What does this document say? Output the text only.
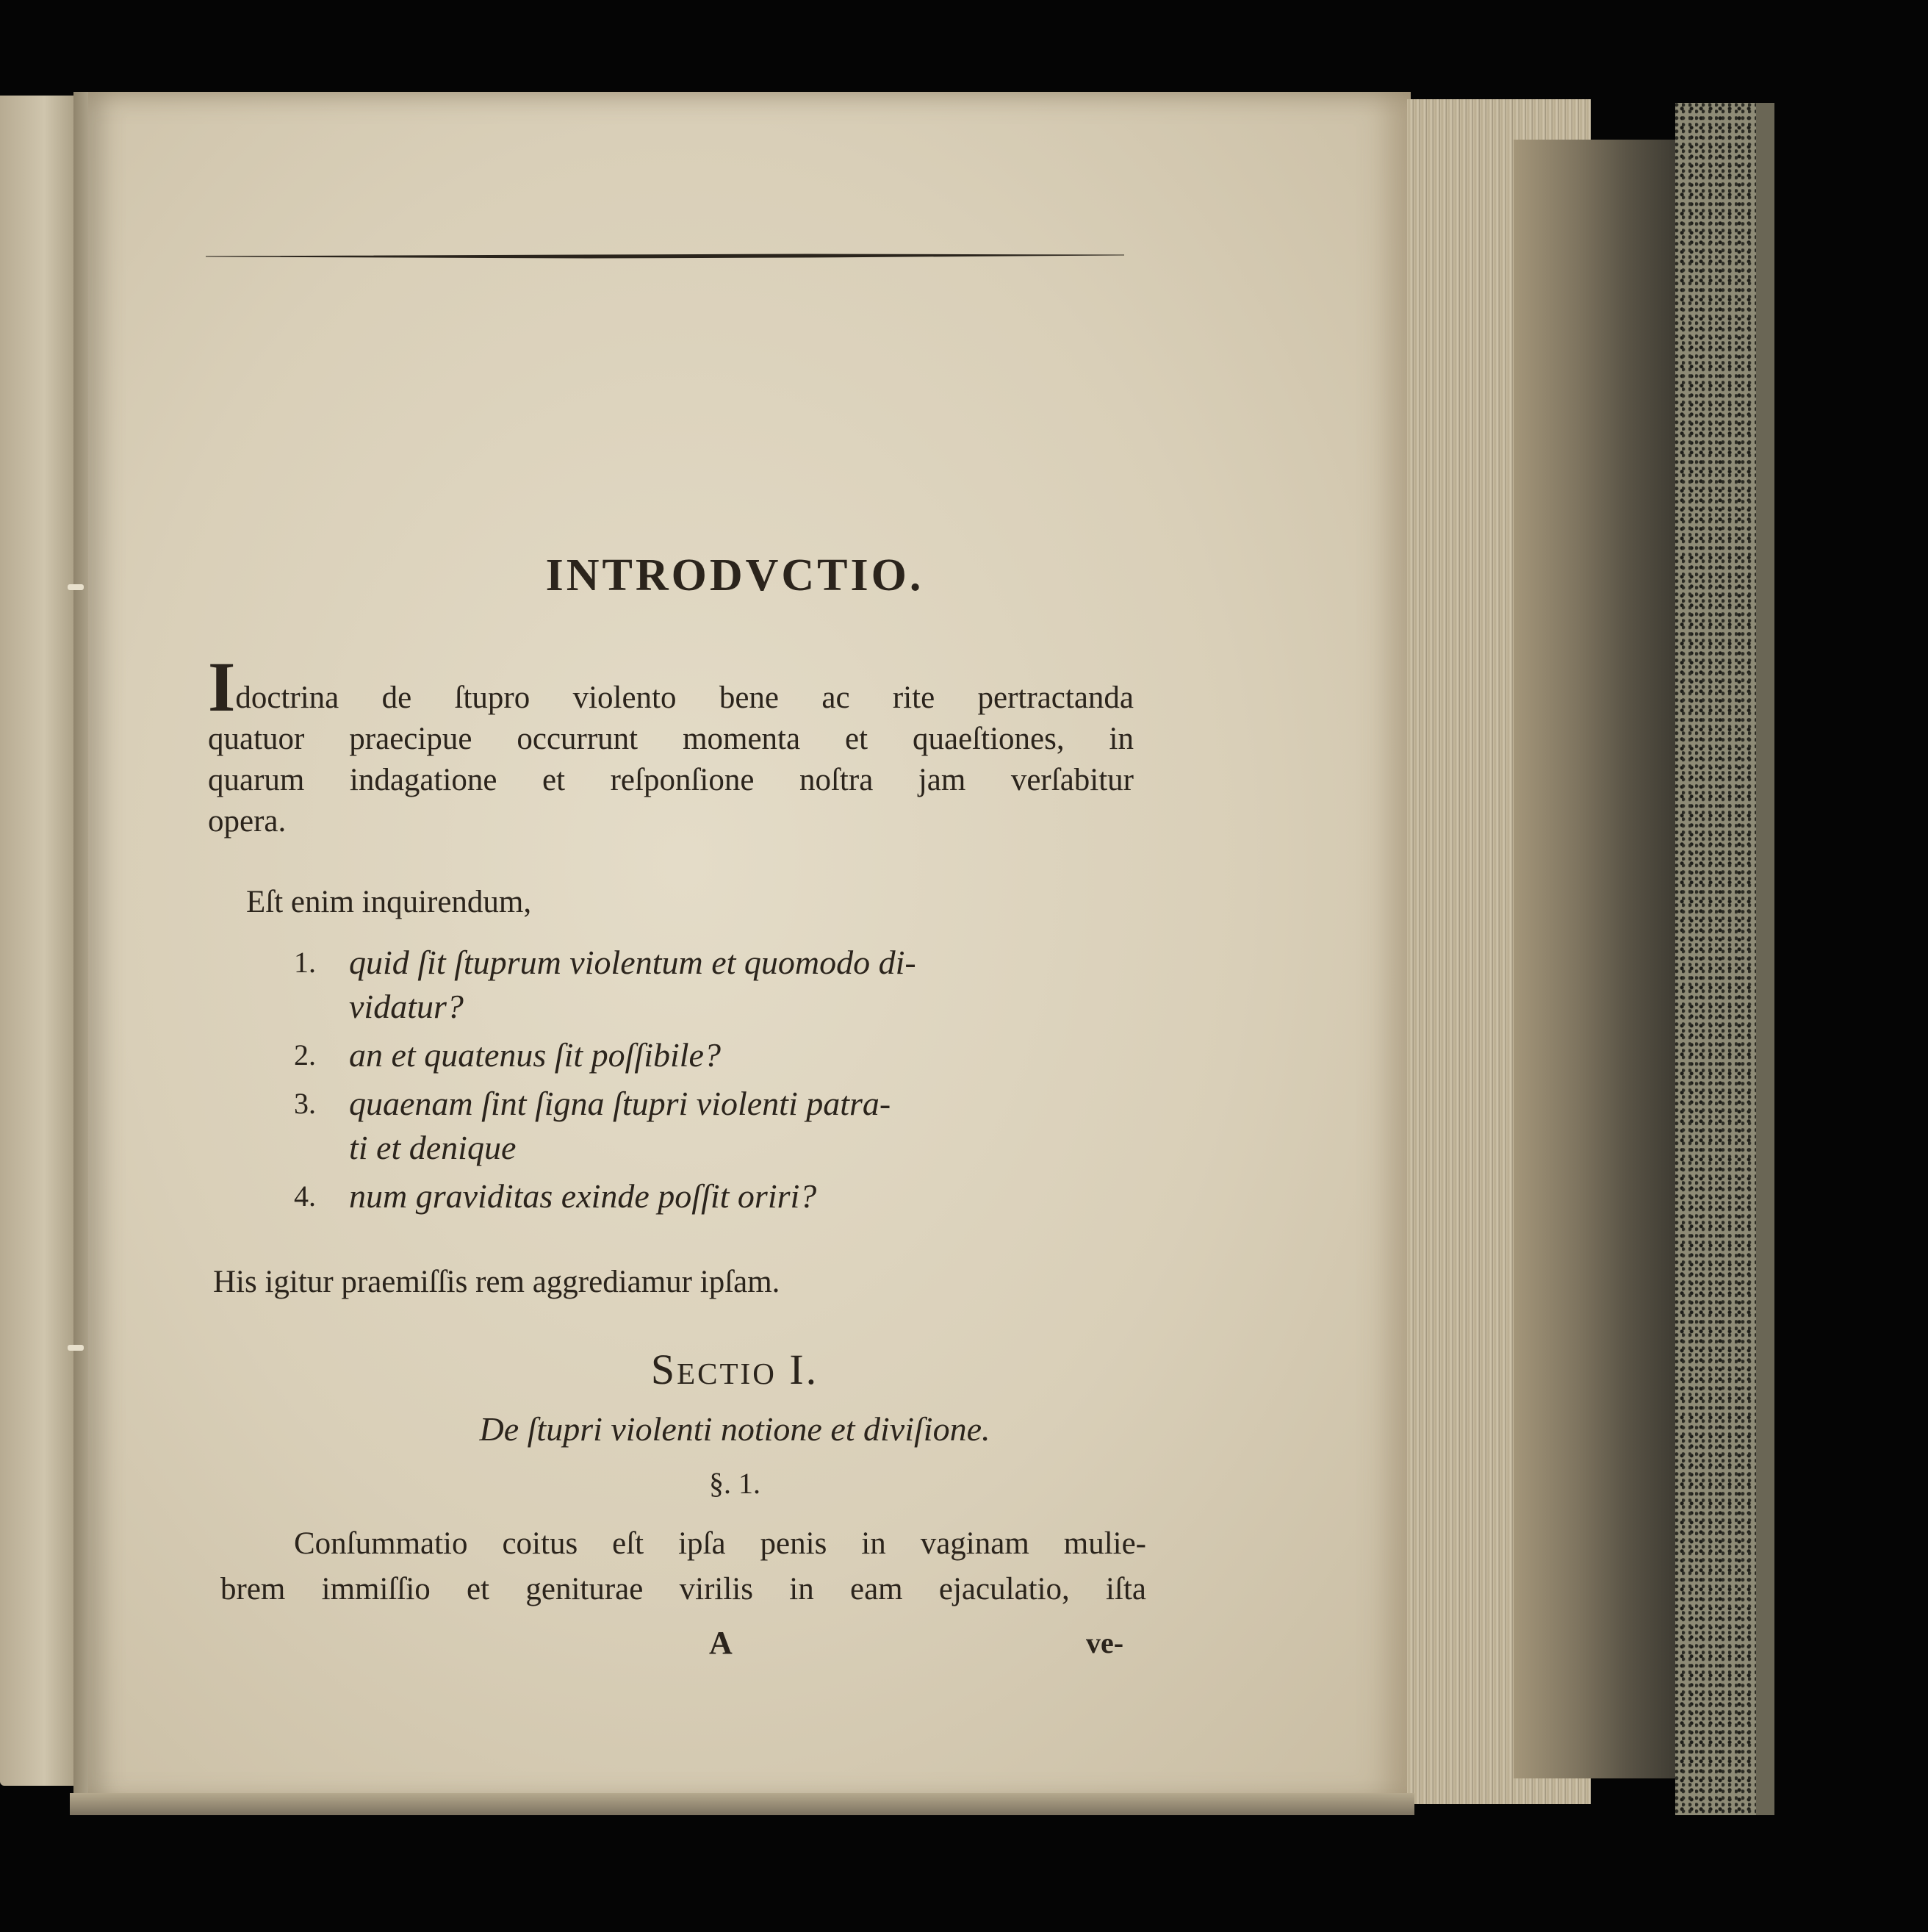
INTRODVCTIO.
Idoctrina de ſtupro violento bene ac rite pertractanda
quatuor praecipue occurrunt momenta et quaeſtiones, in
quarum indagatione et reſponſione noſtra jam verſabitur
opera.
Eſt enim inquirendum,
1. quid ſit ſtuprum violentum et quomodo di-
vidatur?
2. an et quatenus ſit poſſibile?
3. quaenam ſint ſigna ſtupri violenti patra-
ti et denique
4. num graviditas exinde poſſit oriri?
His igitur praemiſſis rem aggrediamur ipſam.
Sectio I.
De ſtupri violenti notione et diviſione.
§. 1.
Conſummatio coitus eſt ipſa penis in vaginam mulie-
brem immiſſio et geniturae virilis in eam ejaculatio, iſta
A	ve-
